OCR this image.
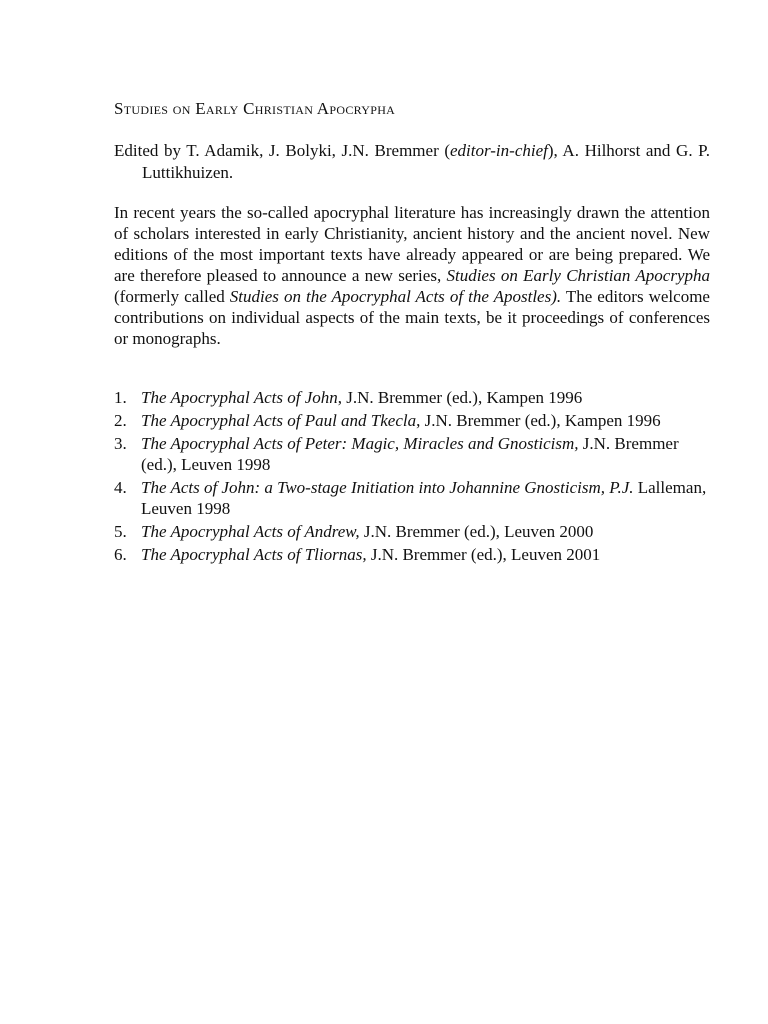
Studies on Early Christian Apocrypha

Edited by T. Adamik, J. Bolyki, J.N. Bremmer (editor-in-chief), A. Hilhorst and G. P. Luttikhuizen.

In recent years the so-called apocryphal literature has increasingly drawn the attention of scholars interested in early Christianity, ancient history and the ancient novel. New editions of the most important texts have already appeared or are being prepared. We are therefore pleased to announce a new series, Studies on Early Christian Apocrypha (formerly called Studies on the Apocryphal Acts of the Apostles). The editors welcome contributions on individual aspects of the main texts, be it proceedings of conferences or monographs.

1. The Apocryphal Acts of John, J.N. Bremmer (ed.), Kampen 1996
2. The Apocryphal Acts of Paul and Tkecla, J.N. Bremmer (ed.), Kampen 1996
3. The Apocryphal Acts of Peter: Magic, Miracles and Gnosticism, J.N. Bremmer (ed.), Leuven 1998
4. The Acts of John: a Two-stage Initiation into Johannine Gnosticism, P.J. Lalleman, Leuven 1998
5. The Apocryphal Acts of Andrew, J.N. Bremmer (ed.), Leuven 2000
6. The Apocryphal Acts of Tliornas, J.N. Bremmer (ed.), Leuven 2001
